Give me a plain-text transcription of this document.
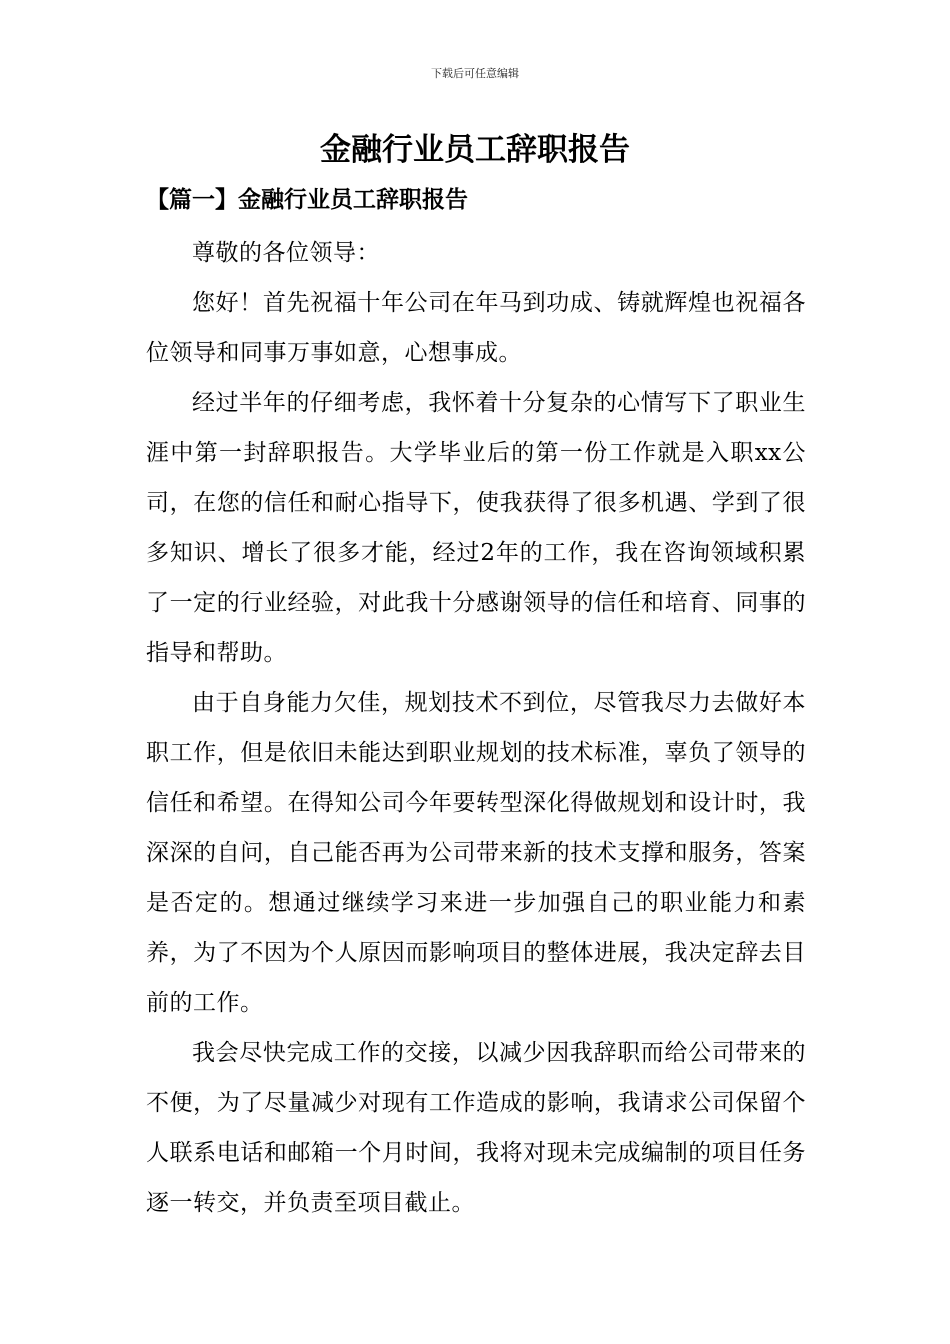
下载后可任意编辑
金融行业员工辞职报告
【篇一】金融行业员工辞职报告

尊敬的各位领导：

您好！首先祝福十年公司在年马到功成、铸就辉煌也祝福各位领导和同事万事如意，心想事成。

经过半年的仔细考虑，我怀着十分复杂的心情写下了职业生涯中第一封辞职报告。大学毕业后的第一份工作就是入职xx公司，在您的信任和耐心指导下，使我获得了很多机遇、学到了很多知识、增长了很多才能，经过2年的工作，我在咨询领域积累了一定的行业经验，对此我十分感谢领导的信任和培育、同事的指导和帮助。

由于自身能力欠佳，规划技术不到位，尽管我尽力去做好本职工作，但是依旧未能达到职业规划的技术标准，辜负了领导的信任和希望。在得知公司今年要转型深化得做规划和设计时，我深深的自问，自己能否再为公司带来新的技术支撑和服务，答案是否定的。想通过继续学习来进一步加强自己的职业能力和素养，为了不因为个人原因而影响项目的整体进展，我决定辞去目前的工作。

我会尽快完成工作的交接，以减少因我辞职而给公司带来的不便，为了尽量减少对现有工作造成的影响，我请求公司保留个人联系电话和邮箱一个月时间，我将对现未完成编制的项目任务逐一转交，并负责至项目截止。
